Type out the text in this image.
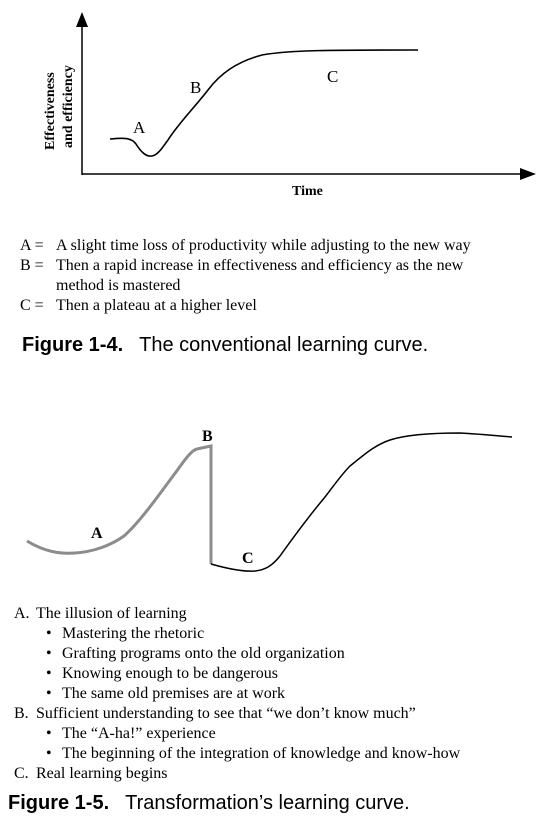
Effectiveness and efficiency
Time
A
B
C
A
B
C
A = A slight time loss of productivity while adjusting to the new way
B = Then a rapid increase in effectiveness and efficiency as the new
method is mastered
C = Then a plateau at a higher level
Figure 1-4. The conventional learning curve.
A. The illusion of learning
• Mastering the rhetoric
• Grafting programs onto the old organization
• Knowing enough to be dangerous
• The same old premises are at work
B. Sufficient understanding to see that “we don’t know much”
• The “A-ha!” experience
• The beginning of the integration of knowledge and know-how
C. Real learning begins
Figure 1-5. Transformation’s learning curve.
